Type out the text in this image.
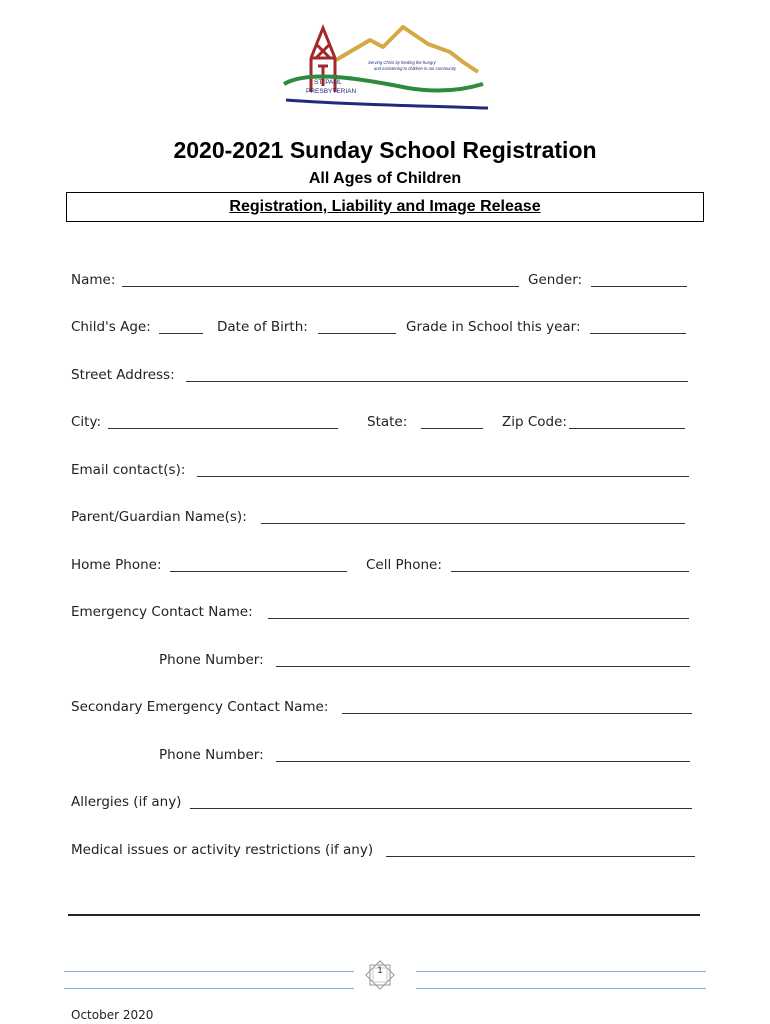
ST. PAUL
PRESBYTERIAN
Serving Christ by feeding the hungry
and ministering to children in our community
2020-2021 Sunday School Registration
All Ages of Children
Registration, Liability and Image Release
Name:	Gender:
Child's Age:	Date of Birth:	Grade in School this year:
Street Address:
City:	State:	Zip Code:
Email contact(s):
Parent/Guardian Name(s):
Home Phone:	Cell Phone:
Emergency Contact Name:
Phone Number:
Secondary Emergency Contact Name:
Phone Number:
Allergies (if any)
Medical issues or activity restrictions (if any)
1
October 2020
